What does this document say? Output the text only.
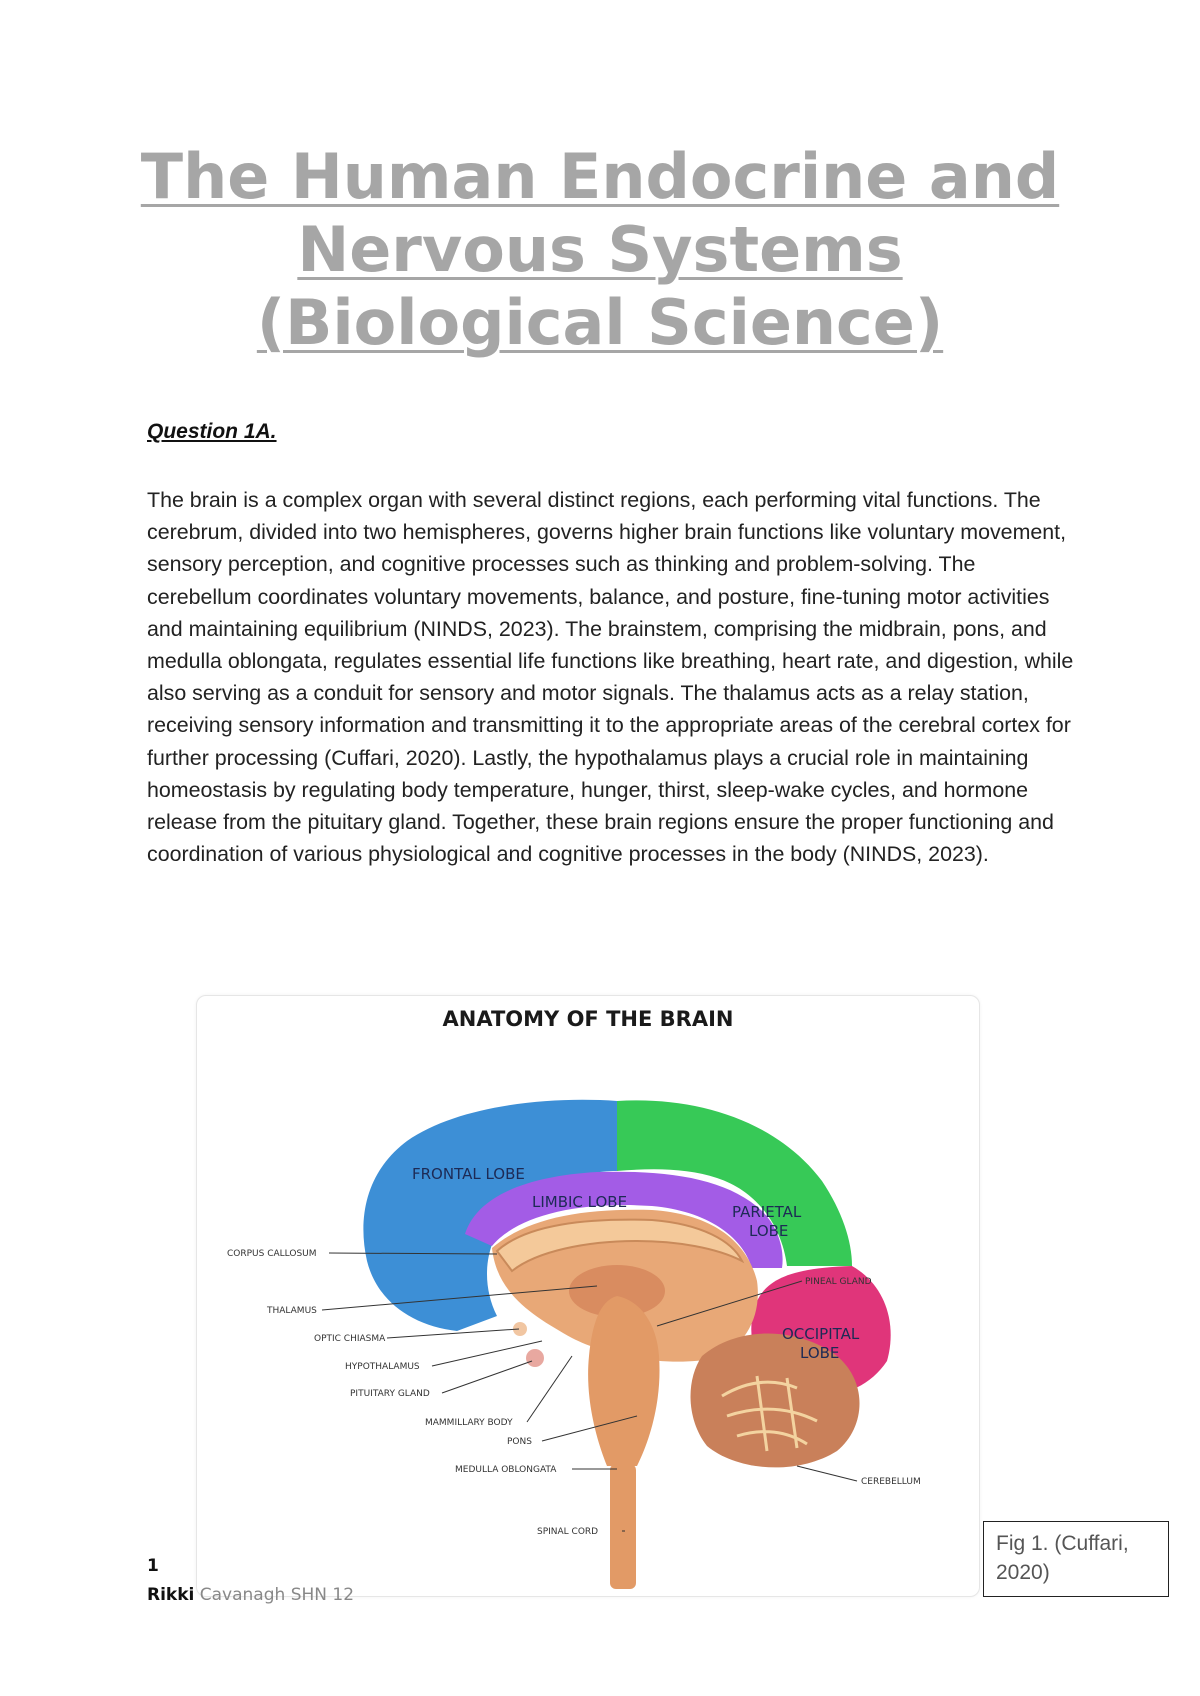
The Human Endocrine and
Nervous Systems
(Biological Science)

Question 1A.

The brain is a complex organ with several distinct regions, each performing vital functions. The cerebrum, divided into two hemispheres, governs higher brain functions like voluntary movement, sensory perception, and cognitive processes such as thinking and problem-solving. The cerebellum coordinates voluntary movements, balance, and posture, fine-tuning motor activities and maintaining equilibrium (NINDS, 2023). The brainstem, comprising the midbrain, pons, and medulla oblongata, regulates essential life functions like breathing, heart rate, and digestion, while also serving as a conduit for sensory and motor signals. The thalamus acts as a relay station, receiving sensory information and transmitting it to the appropriate areas of the cerebral cortex for further processing (Cuffari, 2020). Lastly, the hypothalamus plays a crucial role in maintaining homeostasis by regulating body temperature, hunger, thirst, sleep-wake cycles, and hormone release from the pituitary gland. Together, these brain regions ensure the proper functioning and coordination of various physiological and cognitive processes in the body (NINDS, 2023).

ANATOMY OF THE BRAIN
FRONTAL LOBE
LIMBIC LOBE
PARIETAL
LOBE
OCCIPITAL
LOBE
CORPUS CALLOSUM
THALAMUS
OPTIC CHIASMA
HYPOTHALAMUS
PITUITARY GLAND
MAMMILLARY BODY
PONS
MEDULLA OBLONGATA
SPINAL CORD
PINEAL GLAND
CEREBELLUM
Fig 1. (Cuffari, 2020)
1
Rikki Cavanagh SHN 12
